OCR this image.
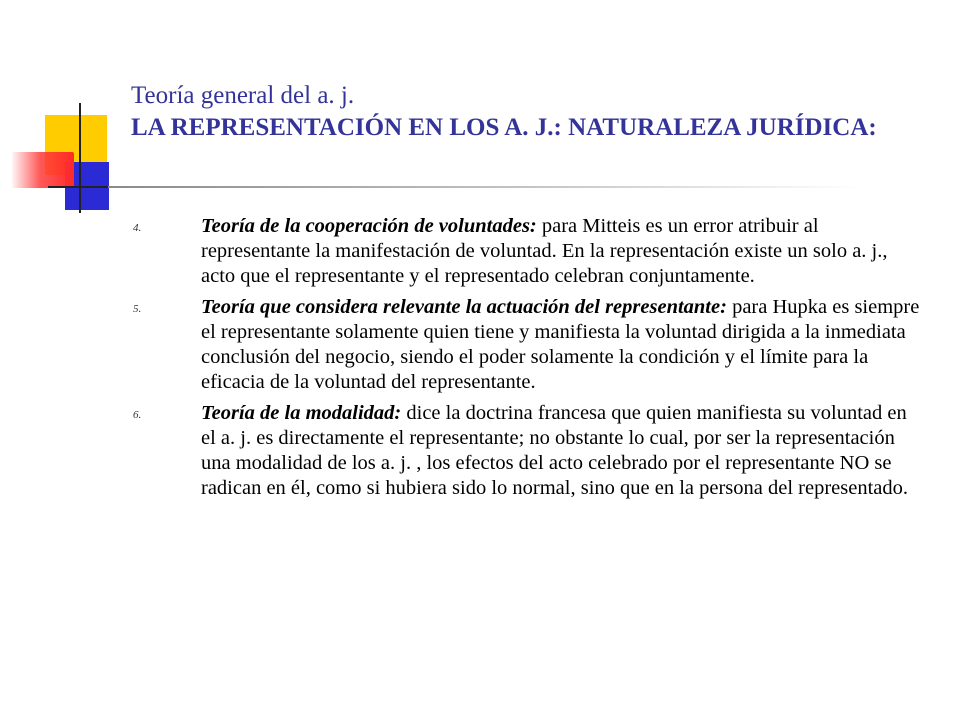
Teoría general del a. j.
LA REPRESENTACIÓN EN LOS A. J.: NATURALEZA JURÍDICA:
4.	Teoría de la cooperación de voluntades: para Mitteis es un error atribuir al representante la manifestación de voluntad. En la representación existe un solo a. j., acto que el representante y el representado celebran conjuntamente.
5.	Teoría que considera relevante la actuación del representante: para Hupka es siempre el representante solamente quien tiene y manifiesta la voluntad dirigida a la inmediata conclusión del negocio, siendo el poder solamente la condición y el límite para la eficacia de la voluntad del representante.
6.	Teoría de la modalidad: dice la doctrina francesa que quien manifiesta su voluntad en el a. j. es directamente el representante; no obstante lo cual, por ser la representación una modalidad de los a. j. , los efectos del acto celebrado por el representante NO se radican en él, como si hubiera sido lo normal, sino que en la persona del representado.
